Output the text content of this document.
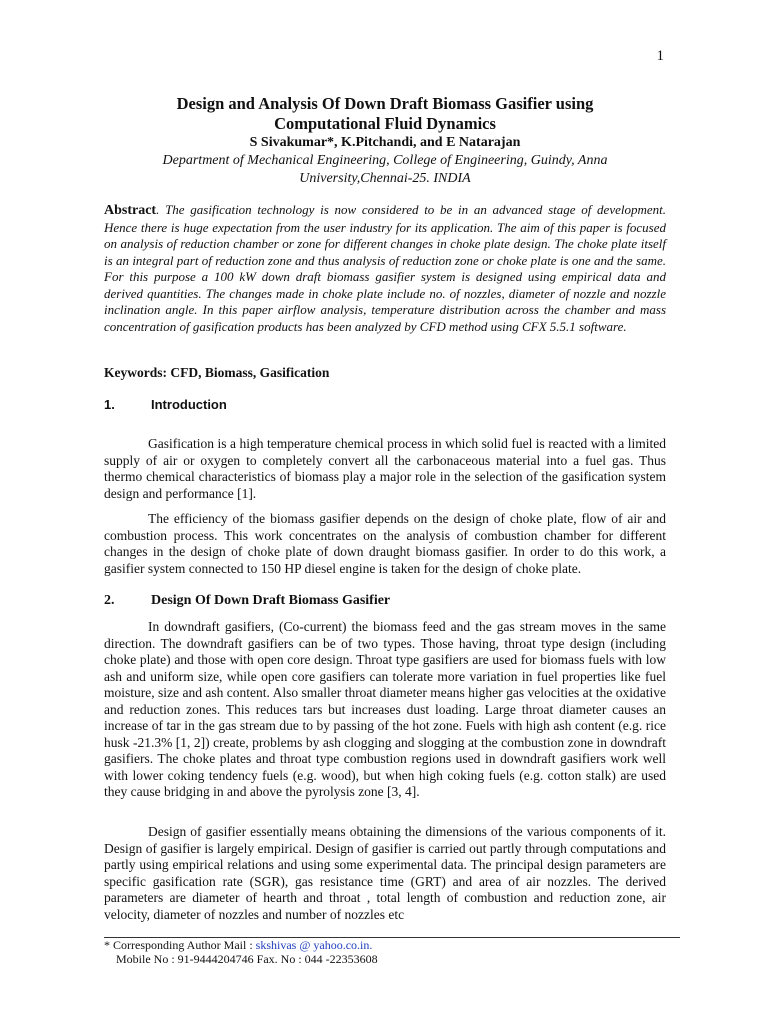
1
Design and Analysis Of Down Draft Biomass Gasifier using
Computational Fluid Dynamics
S Sivakumar*, K.Pitchandi, and E Natarajan
Department of Mechanical Engineering, College of Engineering, Guindy, Anna
University,Chennai-25. INDIA
Abstract. The gasification technology is now considered to be in an advanced stage of development. Hence there is huge expectation from the user industry for its application. The aim of this paper is focused on analysis of reduction chamber or zone for different changes in choke plate design. The choke plate itself is an integral part of reduction zone and thus analysis of reduction zone or choke plate is one and the same. For this purpose a 100 kW down draft biomass gasifier system is designed using empirical data and derived quantities. The changes made in choke plate include no. of nozzles, diameter of nozzle and nozzle inclination angle. In this paper airflow analysis, temperature distribution across the chamber and mass concentration of gasification products has been analyzed by CFD method using CFX 5.5.1 software.
Keywords: CFD, Biomass, Gasification
1.	Introduction
Gasification is a high temperature chemical process in which solid fuel is reacted with a limited supply of air or oxygen to completely convert all the carbonaceous material into a fuel gas. Thus thermo chemical characteristics of biomass play a major role in the selection of the gasification system design and performance [1].
The efficiency of the biomass gasifier depends on the design of choke plate, flow of air and combustion process. This work concentrates on the analysis of combustion chamber for different changes in the design of choke plate of down draught biomass gasifier. In order to do this work, a gasifier system connected to 150 HP diesel engine is taken for the design of choke plate.
2.	Design Of Down Draft Biomass Gasifier
In downdraft gasifiers, (Co-current) the biomass feed and the gas stream moves in the same direction. The downdraft gasifiers can be of two types. Those having, throat type design (including choke plate) and those with open core design. Throat type gasifiers are used for biomass fuels with low ash and uniform size, while open core gasifiers can tolerate more variation in fuel properties like fuel moisture, size and ash content. Also smaller throat diameter means higher gas velocities at the oxidative and reduction zones. This reduces tars but increases dust loading. Large throat diameter causes an increase of tar in the gas stream due to by passing of the hot zone. Fuels with high ash content (e.g. rice husk -21.3% [1, 2]) create, problems by ash clogging and slogging at the combustion zone in downdraft gasifiers. The choke plates and throat type combustion regions used in downdraft gasifiers work well with lower coking tendency fuels (e.g. wood), but when high coking fuels (e.g. cotton stalk) are used they cause bridging in and above the pyrolysis zone [3, 4].
Design of gasifier essentially means obtaining the dimensions of the various components of it. Design of gasifier is largely empirical. Design of gasifier is carried out partly through computations and partly using empirical relations and using some experimental data. The principal design parameters are specific gasification rate (SGR), gas resistance time (GRT) and area of air nozzles. The derived parameters are diameter of hearth and throat , total length of combustion and reduction zone, air velocity, diameter of nozzles and number of nozzles etc
* Corresponding Author Mail : skshivas @ yahoo.co.in.
Mobile No : 91-9444204746 Fax. No : 044 -22353608
